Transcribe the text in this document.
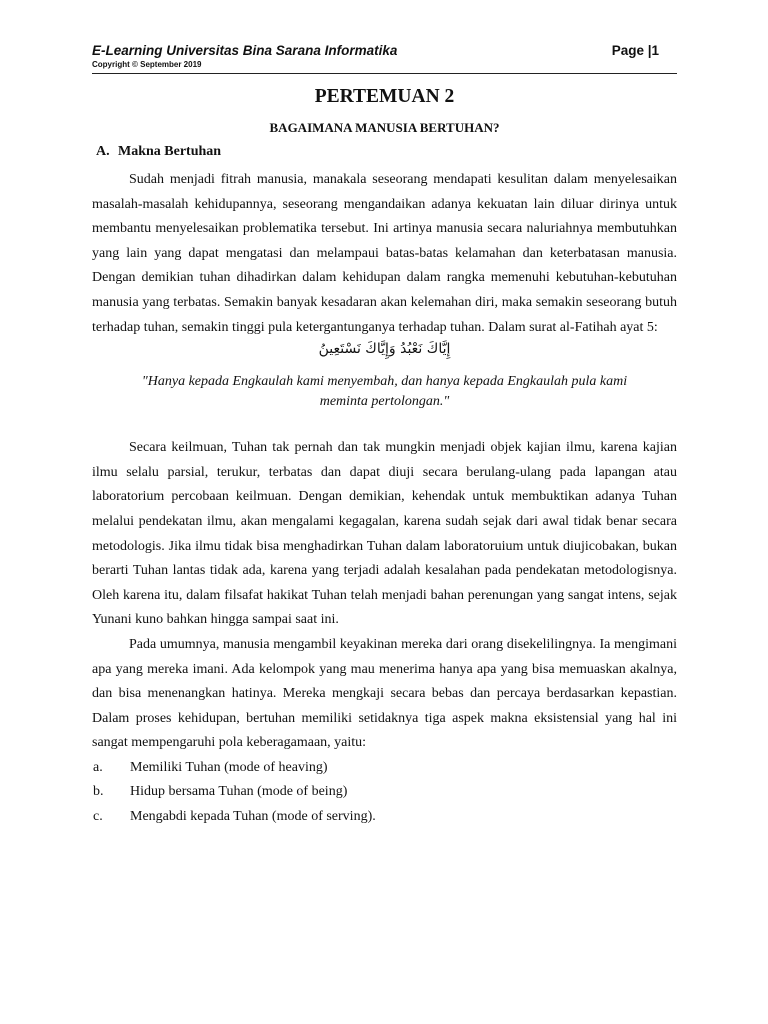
E-Learning Universitas Bina Sarana Informatika	Page |1
Copyright © September 2019
PERTEMUAN 2
BAGAIMANA MANUSIA BERTUHAN?
A. Makna Bertuhan

Sudah menjadi fitrah manusia, manakala seseorang mendapati kesulitan dalam menyelesaikan masalah-masalah kehidupannya, seseorang mengandaikan adanya kekuatan lain diluar dirinya untuk membantu menyelesaikan problematika tersebut. Ini artinya manusia secara naluriahnya membutuhkan yang lain yang dapat mengatasi dan melampaui batas-batas kelamahan dan keterbatasan manusia. Dengan demikian tuhan dihadirkan dalam kehidupan dalam rangka memenuhi kebutuhan-kebutuhan manusia yang terbatas. Semakin banyak kesadaran akan kelemahan diri, maka semakin seseorang butuh terhadap tuhan, semakin tinggi pula ketergantunganya terhadap tuhan. Dalam surat al-Fatihah ayat 5:

إِيَّاكَ نَعْبُدُ وَإِيَّاكَ نَسْتَعِينُ
"Hanya kepada Engkaulah kami menyembah, dan hanya kepada Engkaulah pula kami meminta pertolongan."

Secara keilmuan, Tuhan tak pernah dan tak mungkin menjadi objek kajian ilmu, karena kajian ilmu selalu parsial, terukur, terbatas dan dapat diuji secara berulang-ulang pada lapangan atau laboratorium percobaan keilmuan. Dengan demikian, kehendak untuk membuktikan adanya Tuhan melalui pendekatan ilmu, akan mengalami kegagalan, karena sudah sejak dari awal tidak benar secara metodologis. Jika ilmu tidak bisa menghadirkan Tuhan dalam laboratoruium untuk diujicobakan, bukan berarti Tuhan lantas tidak ada, karena yang terjadi adalah kesalahan pada pendekatan metodologisnya. Oleh karena itu, dalam filsafat hakikat Tuhan telah menjadi bahan perenungan yang sangat intens, sejak Yunani kuno bahkan hingga sampai saat ini.

Pada umumnya, manusia mengambil keyakinan mereka dari orang disekelilingnya. Ia mengimani apa yang mereka imani. Ada kelompok yang mau menerima hanya apa yang bisa memuaskan akalnya, dan bisa menenangkan hatinya. Mereka mengkaji secara bebas dan percaya berdasarkan kepastian. Dalam proses kehidupan, bertuhan memiliki setidaknya tiga aspek makna eksistensial yang hal ini sangat mempengaruhi pola keberagamaan, yaitu:

a.	Memiliki Tuhan (mode of heaving)
b.	Hidup bersama Tuhan (mode of being)
c.	Mengabdi kepada Tuhan (mode of serving).
